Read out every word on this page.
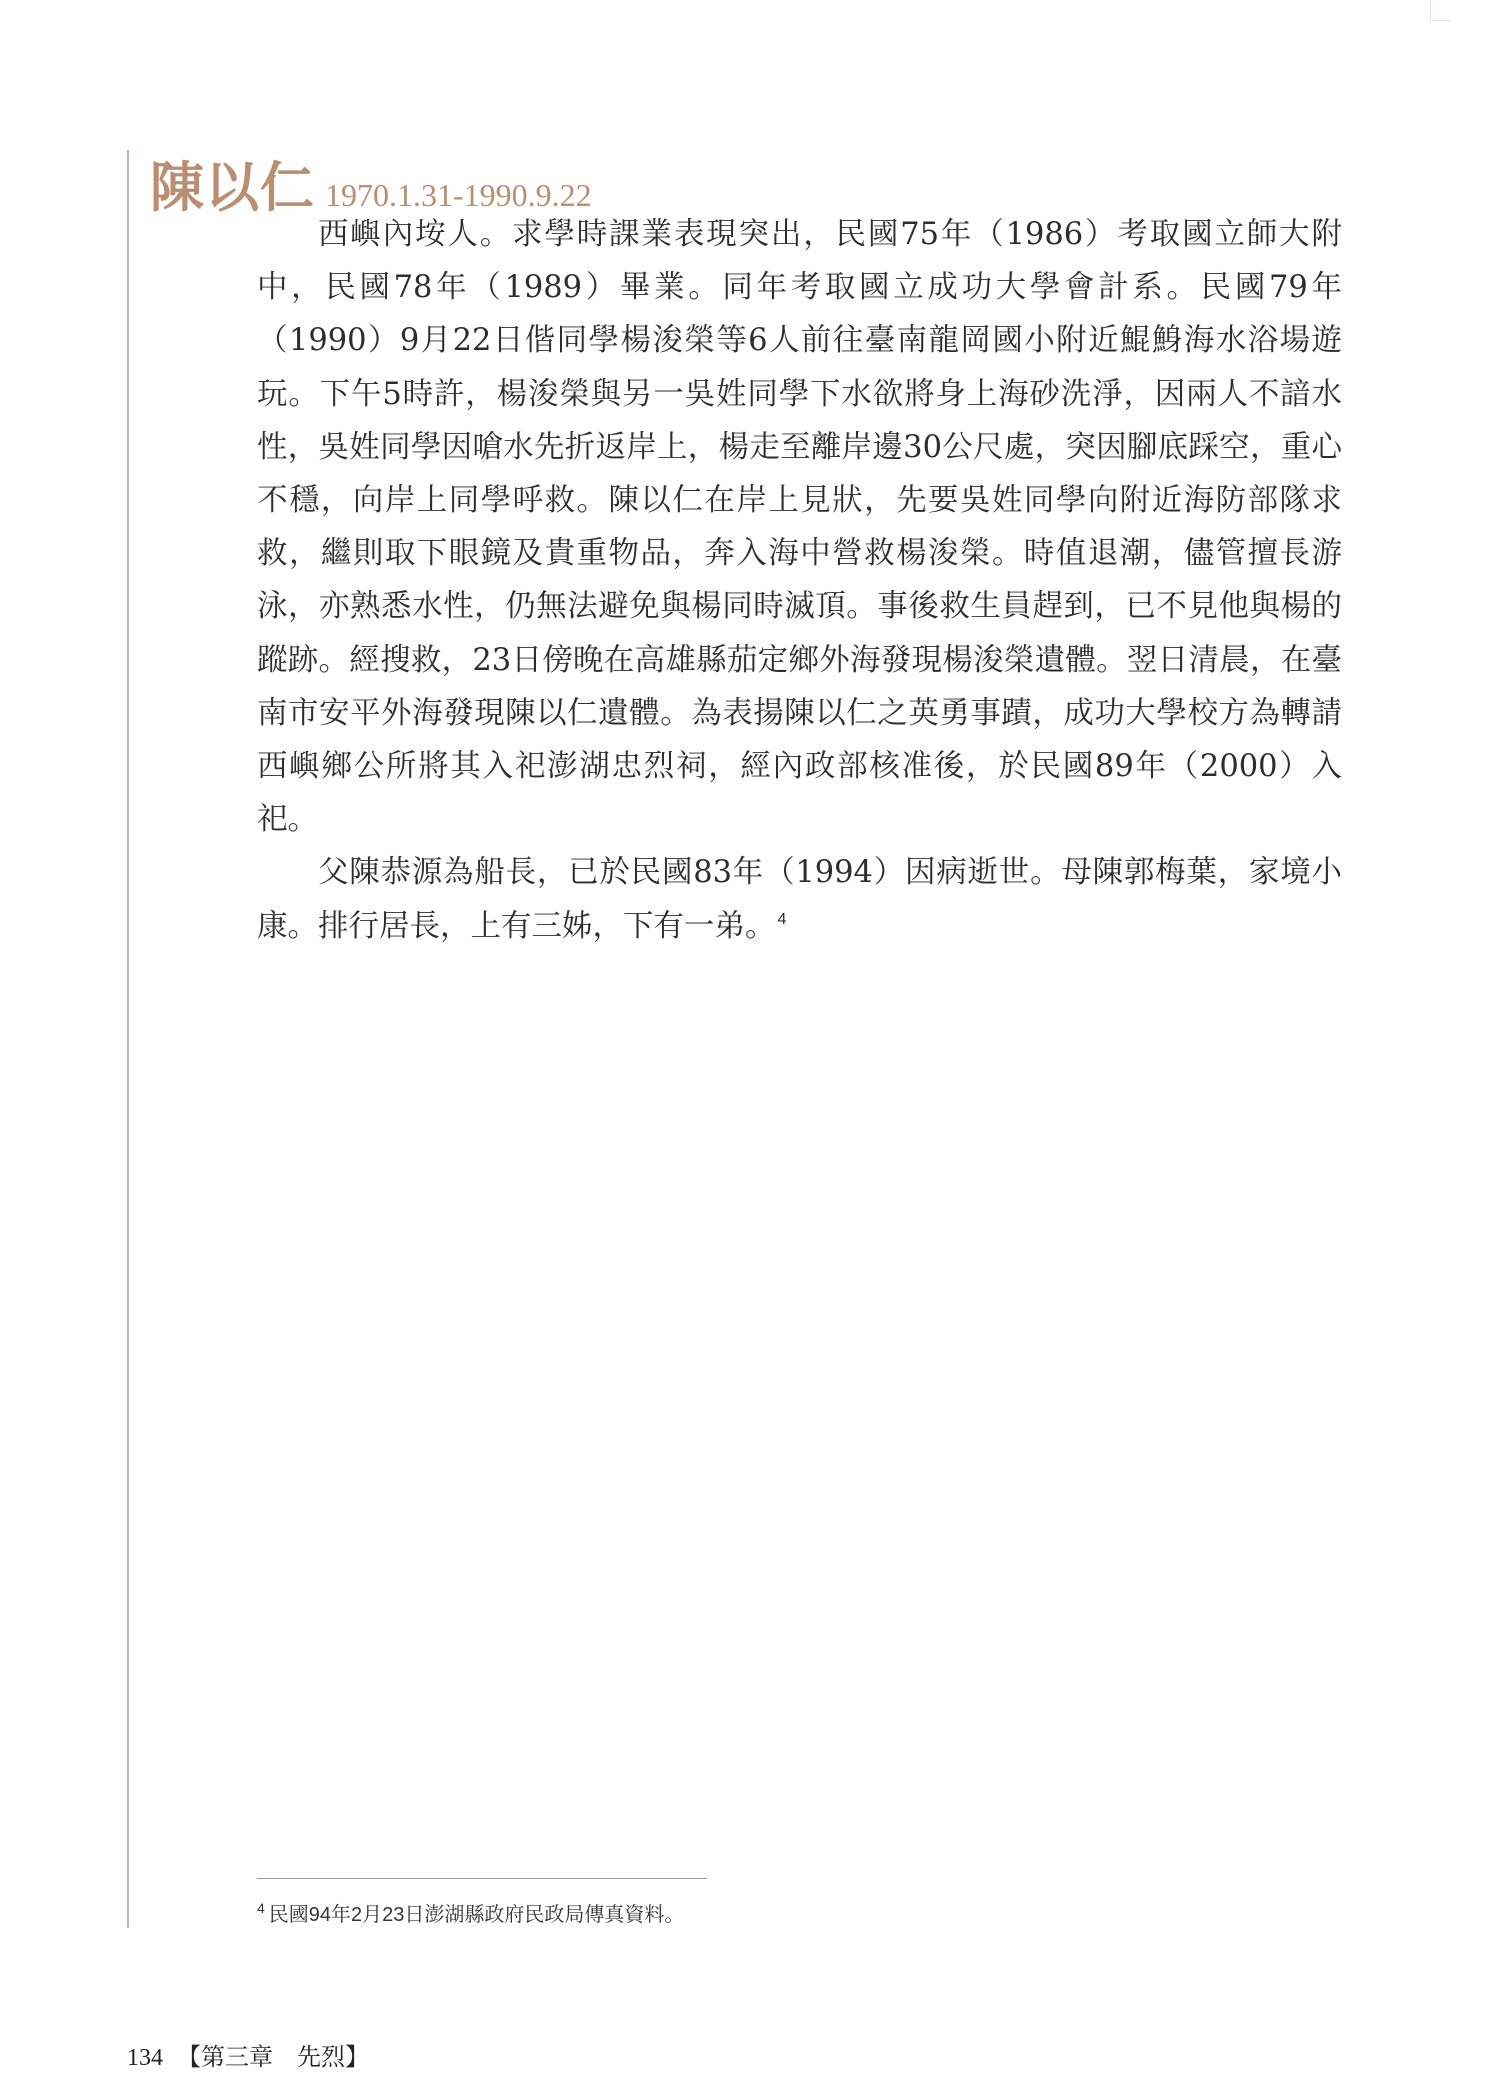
陳以仁 1970.1.31-1990.9.22

西嶼內垵人。求學時課業表現突出，民國75年（1986）考取國立師大附中，民國78年（1989）畢業。同年考取國立成功大學會計系。民國79年（1990）9月22日偕同學楊浚榮等6人前往臺南龍岡國小附近鯤鯓海水浴場遊玩。下午5時許，楊浚榮與另一吳姓同學下水欲將身上海砂洗淨，因兩人不諳水性，吳姓同學因嗆水先折返岸上，楊走至離岸邊30公尺處，突因腳底踩空，重心不穩，向岸上同學呼救。陳以仁在岸上見狀，先要吳姓同學向附近海防部隊求救，繼則取下眼鏡及貴重物品，奔入海中營救楊浚榮。時值退潮，儘管擅長游泳，亦熟悉水性，仍無法避免與楊同時滅頂。事後救生員趕到，已不見他與楊的蹤跡。經搜救，23日傍晚在高雄縣茄定鄉外海發現楊浚榮遺體。翌日清晨，在臺南市安平外海發現陳以仁遺體。為表揚陳以仁之英勇事蹟，成功大學校方為轉請西嶼鄉公所將其入祀澎湖忠烈祠，經內政部核准後，於民國89年（2000）入祀。

父陳恭源為船長，已於民國83年（1994）因病逝世。母陳郭梅葉，家境小康。排行居長，上有三姊，下有一弟。 $^4$

$^4$ 民國94年2月23日澎湖縣政府民政局傳真資料。
134 【第三章　先烈】
